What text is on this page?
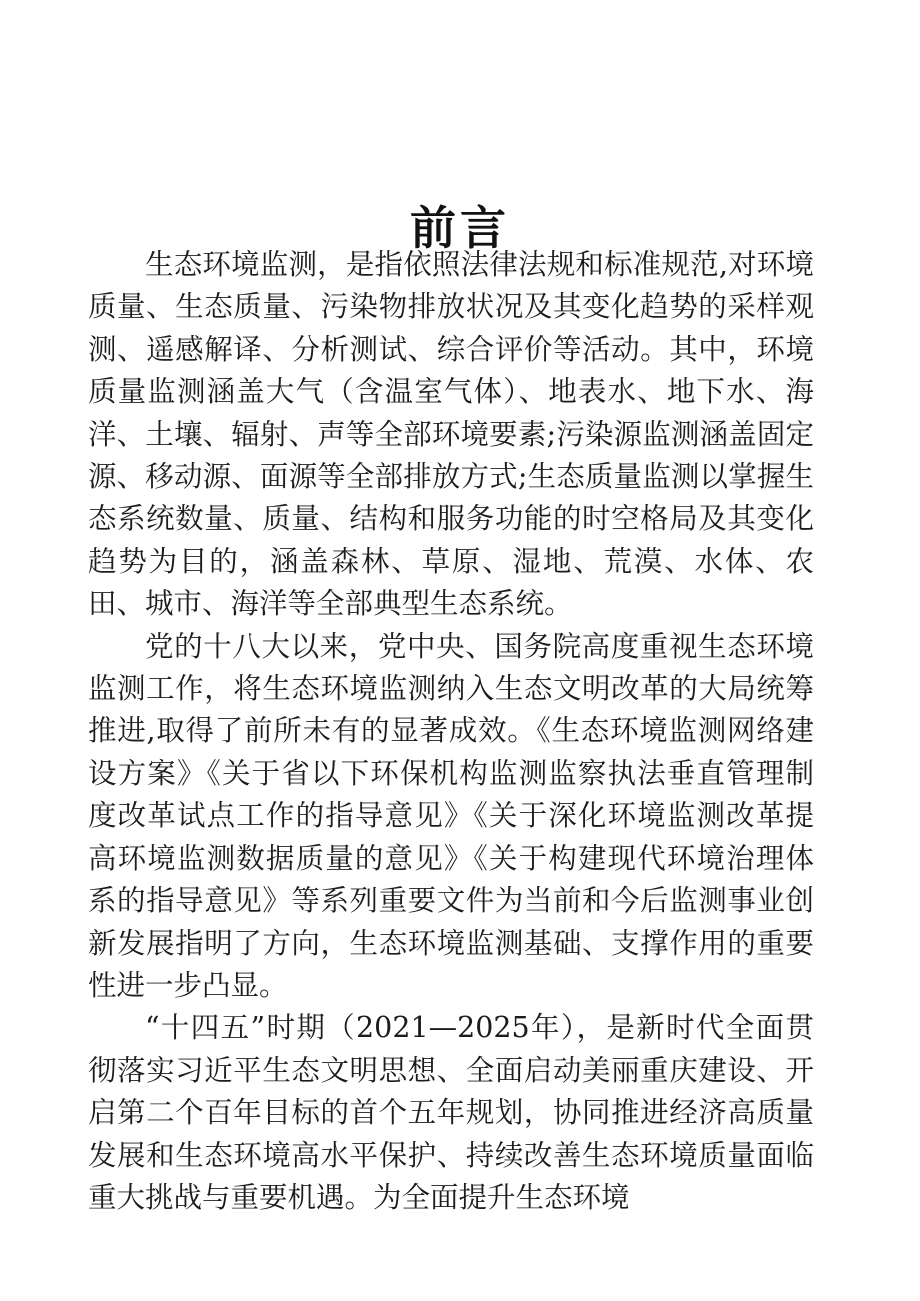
前言

生态环境监测，是指依照法律法规和标准规范,对环境质量、生态质量、污染物排放状况及其变化趋势的采样观测、遥感解译、分析测试、综合评价等活动。其中，环境质量监测涵盖大气（含温室气体）、地表水、地下水、海洋、土壤、辐射、声等全部环境要素;污染源监测涵盖固定源、移动源、面源等全部排放方式;生态质量监测以掌握生态系统数量、质量、结构和服务功能的时空格局及其变化趋势为目的，涵盖森林、草原、湿地、荒漠、水体、农田、城市、海洋等全部典型生态系统。

党的十八大以来，党中央、国务院高度重视生态环境监测工作，将生态环境监测纳入生态文明改革的大局统筹推进,取得了前所未有的显著成效。《生态环境监测网络建设方案》《关于省以下环保机构监测监察执法垂直管理制度改革试点工作的指导意见》《关于深化环境监测改革提高环境监测数据质量的意见》《关于构建现代环境治理体系的指导意见》等系列重要文件为当前和今后监测事业创新发展指明了方向，生态环境监测基础、支撑作用的重要性进一步凸显。

“十四五”时期（2021—2025年），是新时代全面贯彻落实习近平生态文明思想、全面启动美丽重庆建设、开启第二个百年目标的首个五年规划，协同推进经济高质量发展和生态环境高水平保护、持续改善生态环境质量面临重大挑战与重要机遇。为全面提升生态环境
